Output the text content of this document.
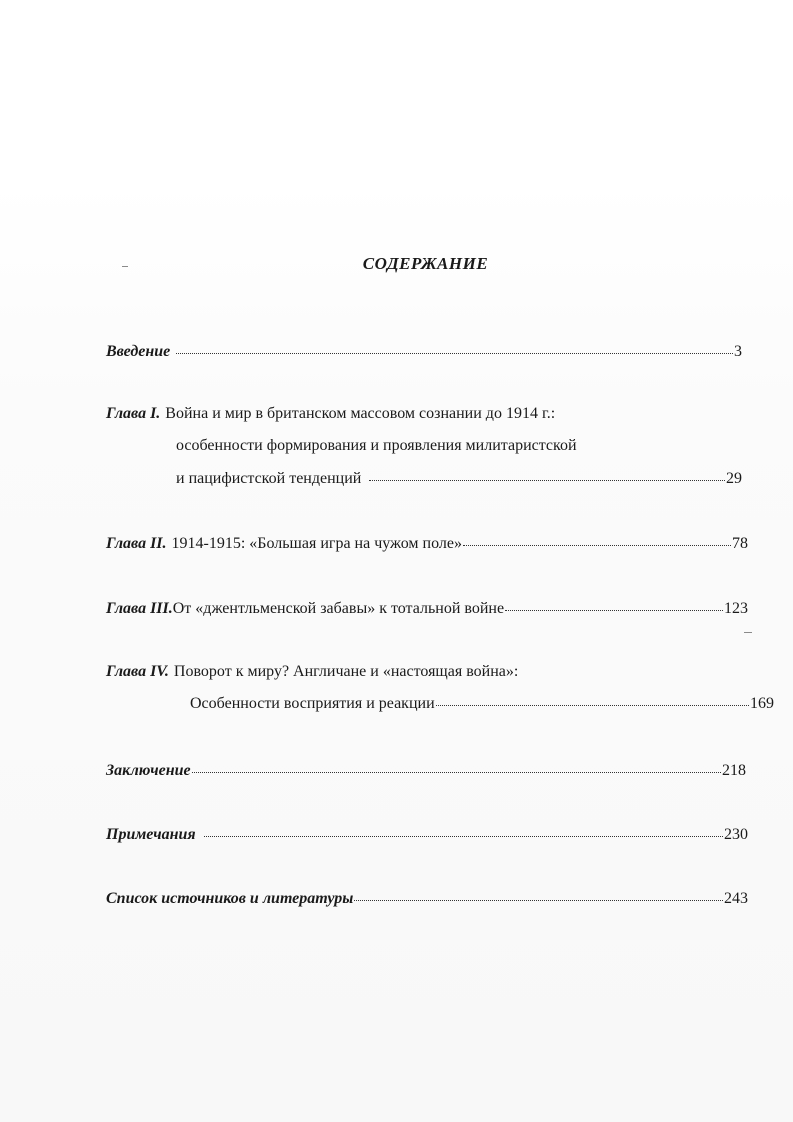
СОДЕРЖАНИЕ
Введение	3
Глава I. Война и мир в британском массовом сознании до 1914 г.:
особенности формирования и проявления милитаристской
и пацифистской тенденций	29
Глава II. 1914-1915: «Большая игра на чужом поле»	78
Глава III. От «джентльменской забавы» к тотальной войне	123
Глава IV. Поворот к миру? Англичане и «настоящая война»:
Особенности восприятия и реакции	169
Заключение	218
Примечания	230
Список источников и литературы	243
